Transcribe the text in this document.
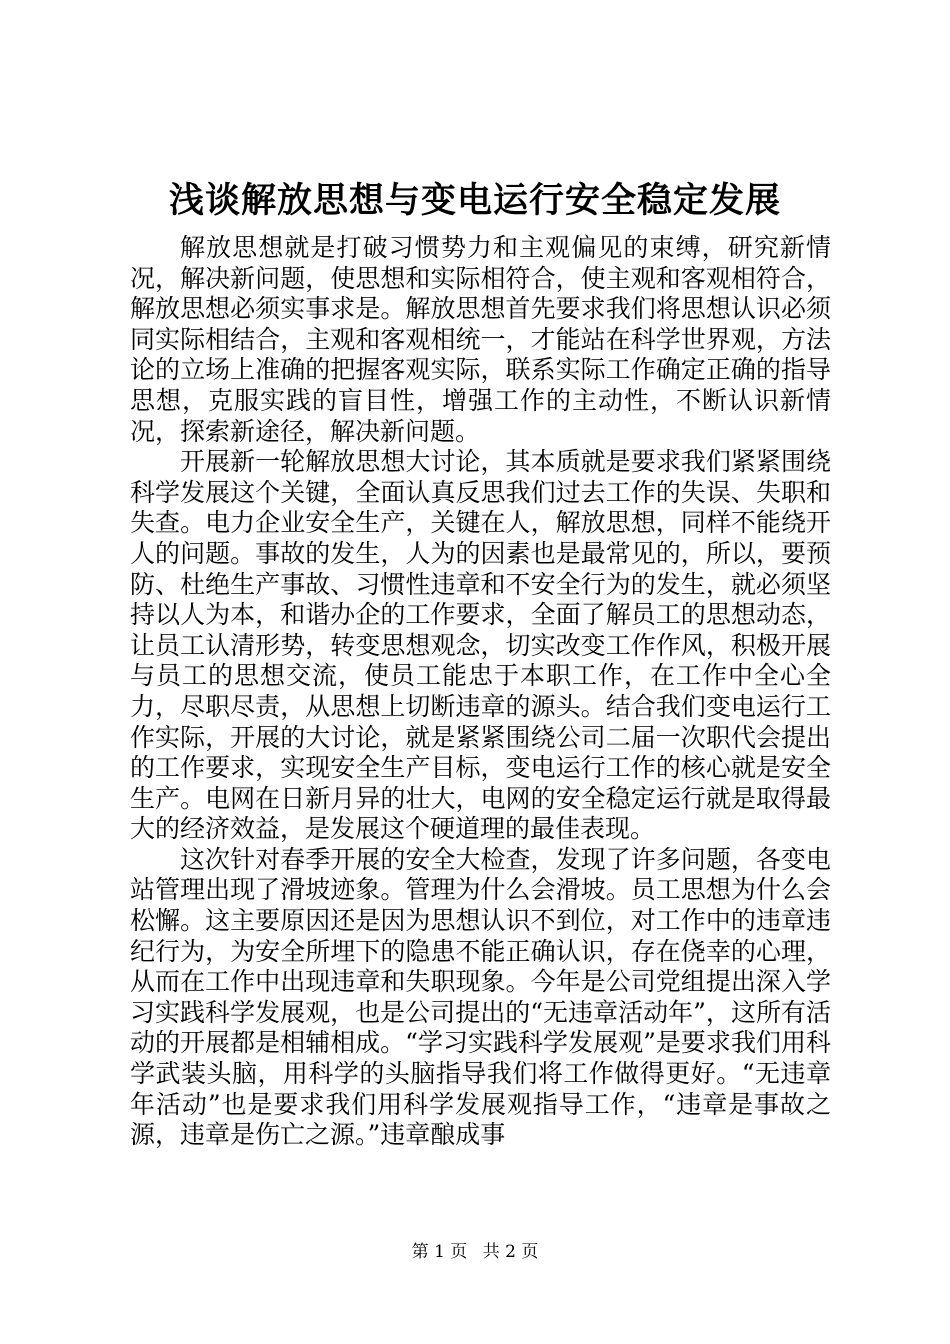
浅谈解放思想与变电运行安全稳定发展

解放思想就是打破习惯势力和主观偏见的束缚，研究新情况，解决新问题，使思想和实际相符合，使主观和客观相符合，解放思想必须实事求是。解放思想首先要求我们将思想认识必须同实际相结合，主观和客观相统一，才能站在科学世界观，方法论的立场上准确的把握客观实际，联系实际工作确定正确的指导思想，克服实践的盲目性，增强工作的主动性，不断认识新情况，探索新途径，解决新问题。

开展新一轮解放思想大讨论，其本质就是要求我们紧紧围绕科学发展这个关键，全面认真反思我们过去工作的失误、失职和失查。电力企业安全生产，关键在人，解放思想，同样不能绕开人的问题。事故的发生，人为的因素也是最常见的，所以，要预防、杜绝生产事故、习惯性违章和不安全行为的发生，就必须坚持以人为本，和谐办企的工作要求，全面了解员工的思想动态，让员工认清形势，转变思想观念，切实改变工作作风，积极开展与员工的思想交流，使员工能忠于本职工作，在工作中全心全力，尽职尽责，从思想上切断违章的源头。结合我们变电运行工作实际，开展的大讨论，就是紧紧围绕公司二届一次职代会提出的工作要求，实现安全生产目标，变电运行工作的核心就是安全生产。电网在日新月异的壮大，电网的安全稳定运行就是取得最大的经济效益，是发展这个硬道理的最佳表现。

这次针对春季开展的安全大检查，发现了许多问题，各变电站管理出现了滑坡迹象。管理为什么会滑坡。员工思想为什么会松懈。这主要原因还是因为思想认识不到位，对工作中的违章违纪行为，为安全所埋下的隐患不能正确认识，存在侥幸的心理，从而在工作中出现违章和失职现象。今年是公司党组提出深入学习实践科学发展观，也是公司提出的“无违章活动年”，这所有活动的开展都是相辅相成。“学习实践科学发展观”是要求我们用科学武装头脑，用科学的头脑指导我们将工作做得更好。“无违章年活动”也是要求我们用科学发展观指导工作，“违章是事故之源，违章是伤亡之源。”违章酿成事

第 1 页 共 2 页
